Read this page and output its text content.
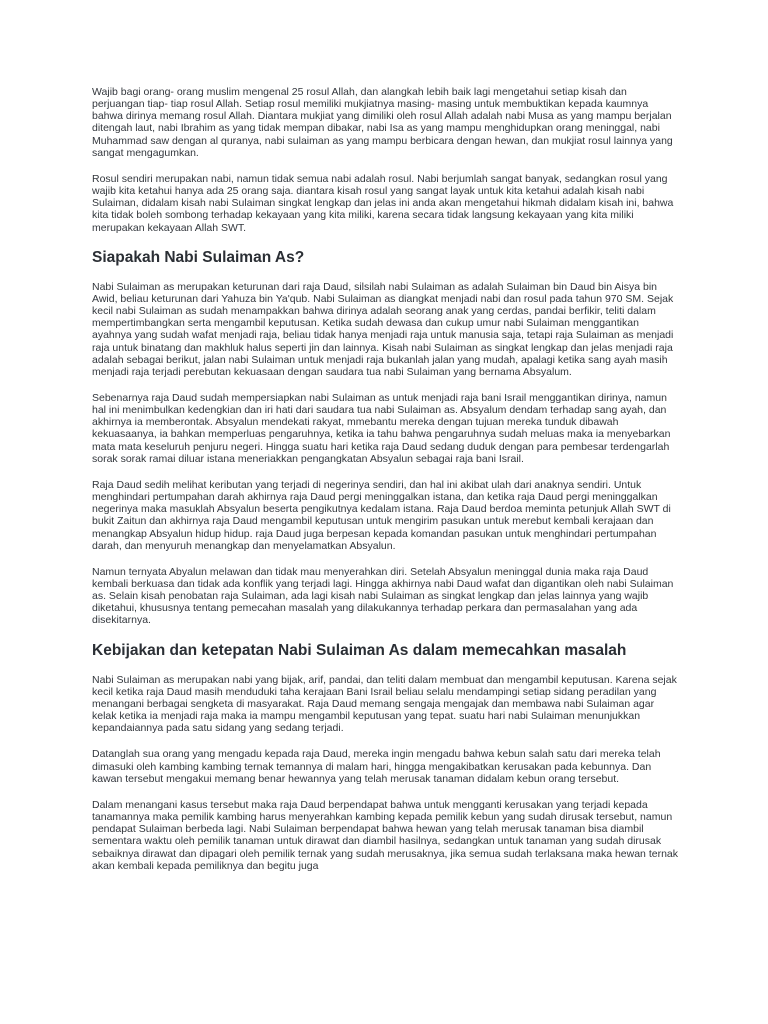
Wajib bagi orang- orang muslim mengenal 25 rosul Allah, dan alangkah lebih baik lagi mengetahui setiap kisah dan perjuangan tiap- tiap rosul Allah. Setiap rosul memiliki mukjiatnya masing- masing untuk membuktikan kepada kaumnya bahwa dirinya memang rosul Allah. Diantara mukjiat yang dimiliki oleh rosul Allah adalah nabi Musa as yang mampu berjalan ditengah laut, nabi Ibrahim as yang tidak mempan dibakar, nabi Isa as yang mampu menghidupkan orang meninggal, nabi Muhammad saw dengan al quranya, nabi sulaiman as yang mampu berbicara dengan hewan, dan mukjiat rosul lainnya yang sangat mengagumkan.

Rosul sendiri merupakan nabi, namun tidak semua nabi adalah rosul. Nabi berjumlah sangat banyak, sedangkan rosul yang wajib kita ketahui hanya ada 25 orang saja. diantara kisah rosul yang sangat layak untuk kita ketahui adalah kisah nabi Sulaiman, didalam kisah nabi Sulaiman singkat lengkap dan jelas ini anda akan mengetahui hikmah didalam kisah ini, bahwa kita tidak boleh sombong terhadap kekayaan yang kita miliki, karena secara tidak langsung kekayaan yang kita miliki merupakan kekayaan Allah SWT.

Siapakah Nabi Sulaiman As?

Nabi Sulaiman as merupakan keturunan dari raja Daud, silsilah nabi Sulaiman as adalah Sulaiman bin Daud bin Aisya bin Awid, beliau keturunan dari Yahuza bin Ya'qub. Nabi Sulaiman as diangkat menjadi nabi dan rosul pada tahun 970 SM. Sejak kecil nabi Sulaiman as sudah menampakkan bahwa dirinya adalah seorang anak yang cerdas, pandai berfikir, teliti dalam mempertimbangkan serta mengambil keputusan. Ketika sudah dewasa dan cukup umur nabi Sulaiman menggantikan ayahnya yang sudah wafat menjadi raja, beliau tidak hanya menjadi raja untuk manusia saja, tetapi raja Sulaiman as menjadi raja untuk binatang dan makhluk halus seperti jin dan lainnya. Kisah nabi Sulaiman as singkat lengkap dan jelas menjadi raja adalah sebagai berikut, jalan nabi Sulaiman untuk menjadi raja bukanlah jalan yang mudah, apalagi ketika sang ayah masih menjadi raja terjadi perebutan kekuasaan dengan saudara tua nabi Sulaiman yang bernama Absyalum.

Sebenarnya raja Daud sudah mempersiapkan nabi Sulaiman as untuk menjadi raja bani Israil menggantikan dirinya, namun hal ini menimbulkan kedengkian dan iri hati dari saudara tua nabi Sulaiman as. Absyalum dendam terhadap sang ayah, dan akhirnya ia memberontak. Absyalun mendekati rakyat, mmebantu mereka dengan tujuan mereka tunduk dibawah kekuasaanya, ia bahkan memperluas pengaruhnya, ketika ia tahu bahwa pengaruhnya sudah meluas maka ia menyebarkan mata mata keseluruh penjuru negeri. Hingga suatu hari ketika raja Daud sedang duduk dengan para pembesar terdengarlah sorak sorak ramai diluar istana meneriakkan pengangkatan Absyalun sebagai raja bani Israil.

Raja Daud sedih melihat keributan yang terjadi di negerinya sendiri, dan hal ini akibat ulah dari anaknya sendiri. Untuk menghindari pertumpahan darah akhirnya raja Daud pergi meninggalkan istana, dan ketika raja Daud pergi meninggalkan negerinya maka masuklah Absyalun beserta pengikutnya kedalam istana. Raja Daud berdoa meminta petunjuk Allah SWT di bukit Zaitun dan akhirnya raja Daud mengambil keputusan untuk mengirim pasukan untuk merebut kembali kerajaan dan menangkap Absyalun hidup hidup. raja Daud juga berpesan kepada komandan pasukan untuk menghindari pertumpahan darah, dan menyuruh menangkap dan menyelamatkan Absyalun.

Namun ternyata Abyalun melawan dan tidak mau menyerahkan diri. Setelah Absyalun meninggal dunia maka raja Daud kembali berkuasa dan tidak ada konflik yang terjadi lagi. Hingga akhirnya nabi Daud wafat dan digantikan oleh nabi Sulaiman as. Selain kisah penobatan raja Sulaiman, ada lagi kisah nabi Sulaiman as singkat lengkap dan jelas lainnya yang wajib diketahui, khususnya tentang pemecahan masalah yang dilakukannya terhadap perkara dan permasalahan yang ada disekitarnya.

Kebijakan dan ketepatan Nabi Sulaiman As dalam memecahkan masalah

Nabi Sulaiman as merupakan nabi yang bijak, arif, pandai, dan teliti dalam membuat dan mengambil keputusan. Karena sejak kecil ketika raja Daud masih menduduki taha kerajaan Bani Israil beliau selalu mendampingi setiap sidang peradilan yang menangani berbagai sengketa di masyarakat. Raja Daud memang sengaja mengajak dan membawa nabi Sulaiman agar kelak ketika ia menjadi raja maka ia mampu mengambil keputusan yang tepat. suatu hari nabi Sulaiman menunjukkan kepandaiannya pada satu sidang yang sedang terjadi.

Datanglah sua orang yang mengadu kepada raja Daud, mereka ingin mengadu bahwa kebun salah satu dari mereka telah dimasuki oleh kambing kambing ternak temannya di malam hari, hingga mengakibatkan kerusakan pada kebunnya. Dan kawan tersebut mengakui memang benar hewannya yang telah merusak tanaman didalam kebun orang tersebut.

Dalam menangani kasus tersebut maka raja Daud berpendapat bahwa untuk mengganti kerusakan yang terjadi kepada tanamannya maka pemilik kambing harus menyerahkan kambing kepada pemilik kebun yang sudah dirusak tersebut, namun pendapat Sulaiman berbeda lagi. Nabi Sulaiman berpendapat bahwa hewan yang telah merusak tanaman bisa diambil sementara waktu oleh pemilik tanaman untuk dirawat dan diambil hasilnya, sedangkan untuk tanaman yang sudah dirusak sebaiknya dirawat dan dipagari oleh pemilik ternak yang sudah merusaknya, jika semua sudah terlaksana maka hewan ternak akan kembali kepada pemiliknya dan begitu juga
